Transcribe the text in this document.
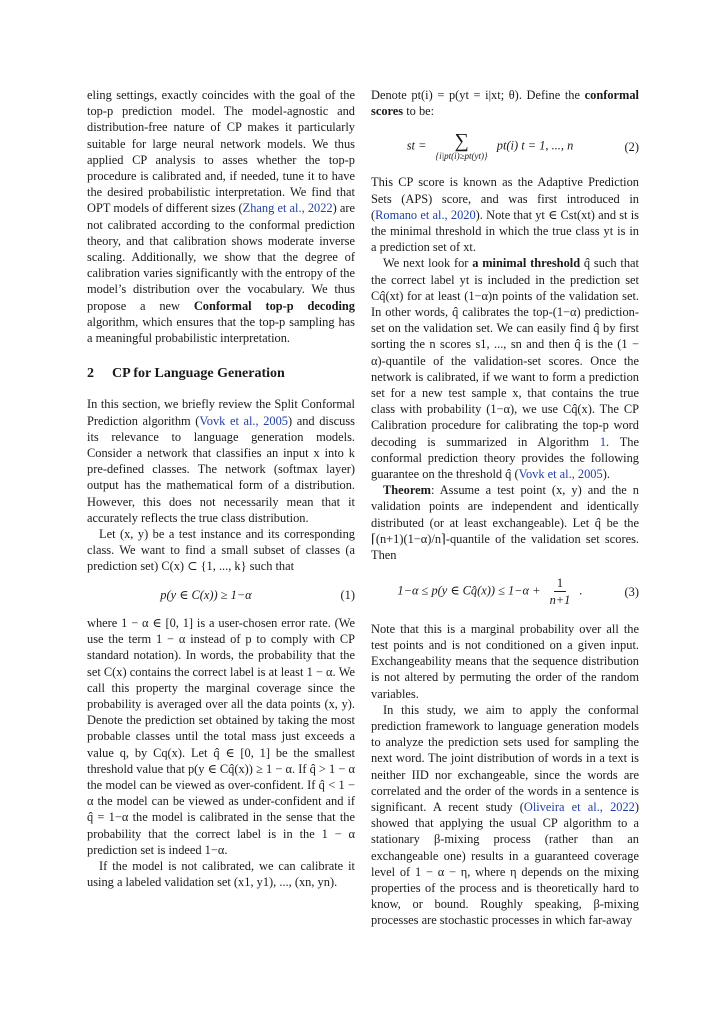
eling settings, exactly coincides with the goal of the top-p prediction model. The model-agnostic and distribution-free nature of CP makes it particularly suitable for large neural network models. We thus applied CP analysis to asses whether the top-p procedure is calibrated and, if needed, tune it to have the desired probabilistic interpretation. We find that OPT models of different sizes (Zhang et al., 2022) are not calibrated according to the conformal prediction theory, and that calibration shows moderate inverse scaling. Additionally, we show that the degree of calibration varies significantly with the entropy of the model’s distribution over the vocabulary. We thus propose a new Conformal top-p decoding algorithm, which ensures that the top-p sampling has a meaningful probabilistic interpretation.

2 CP for Language Generation

In this section, we briefly review the Split Conformal Prediction algorithm (Vovk et al., 2005) and discuss its relevance to language generation models. Consider a network that classifies an input x into k pre-defined classes. The network (softmax layer) output has the mathematical form of a distribution. However, this does not necessarily mean that it accurately reflects the true class distribution.

Let (x, y) be a test instance and its corresponding class. We want to find a small subset of classes (a prediction set) C(x) ⊂ {1, ..., k} such that

p(y ∈ C(x)) ≥ 1−α	(1)

where 1 − α ∈ [0, 1] is a user-chosen error rate. (We use the term 1 − α instead of p to comply with CP standard notation). In words, the probability that the set C(x) contains the correct label is at least 1 − α. We call this property the marginal coverage since the probability is averaged over all the data points (x, y). Denote the prediction set obtained by taking the most probable classes until the total mass just exceeds a value q, by Cq(x). Let q̂ ∈ [0, 1] be the smallest threshold value that p(y ∈ Cq̂(x)) ≥ 1 − α. If q̂ > 1 − α the model can be viewed as over-confident. If q̂ < 1 − α the model can be viewed as under-confident and if q̂ = 1−α the model is calibrated in the sense that the probability that the correct label is in the 1 − α prediction set is indeed 1−α.

If the model is not calibrated, we can calibrate it using a labeled validation set (x1, y1), ..., (xn, yn).

Denote pt(i) = p(yt = i|xt; θ). Define the conformal scores to be:

st = ∑
{i|pt(i)≥pt(yt)}
pt(i) t = 1, ..., n	(2)

This CP score is known as the Adaptive Prediction Sets (APS) score, and was first introduced in (Romano et al., 2020). Note that yt ∈ Cst(xt) and st is the minimal threshold in which the true class yt is in a prediction set of xt.

We next look for a minimal threshold q̂ such that the correct label yt is included in the prediction set Cq̂(xt) for at least (1−α)n points of the validation set. In other words, q̂ calibrates the top-(1−α) prediction-set on the validation set. We can easily find q̂ by first sorting the n scores s1, ..., sn and then q̂ is the (1 − α)-quantile of the validation-set scores. Once the network is calibrated, if we want to form a prediction set for a new test sample x, that contains the true class with probability (1−α), we use Cq̂(x). The CP Calibration procedure for calibrating the top-p word decoding is summarized in Algorithm 1. The conformal prediction theory provides the following guarantee on the threshold q̂ (Vovk et al., 2005).

Theorem: Assume a test point (x, y) and the n validation points are independent and identically distributed (or at least exchangeable). Let q̂ be the ⌈(n+1)(1−α)/n⌉-quantile of the validation set scores. Then

1−α ≤ p(y ∈ Cq̂(x)) ≤ $1-\alpha + \frac{1}{n+1}$ .	(3)

Note that this is a marginal probability over all the test points and is not conditioned on a given input. Exchangeability means that the sequence distribution is not altered by permuting the order of the random variables.

In this study, we aim to apply the conformal prediction framework to language generation models to analyze the prediction sets used for sampling the next word. The joint distribution of words in a text is neither IID nor exchangeable, since the words are correlated and the order of the words in a sentence is significant. A recent study (Oliveira et al., 2022) showed that applying the usual CP algorithm to a stationary β-mixing process (rather than an exchangeable one) results in a guaranteed coverage level of 1 − α − η, where η depends on the mixing properties of the process and is theoretically hard to know, or bound. Roughly speaking, β-mixing processes are stochastic processes in which far-away
